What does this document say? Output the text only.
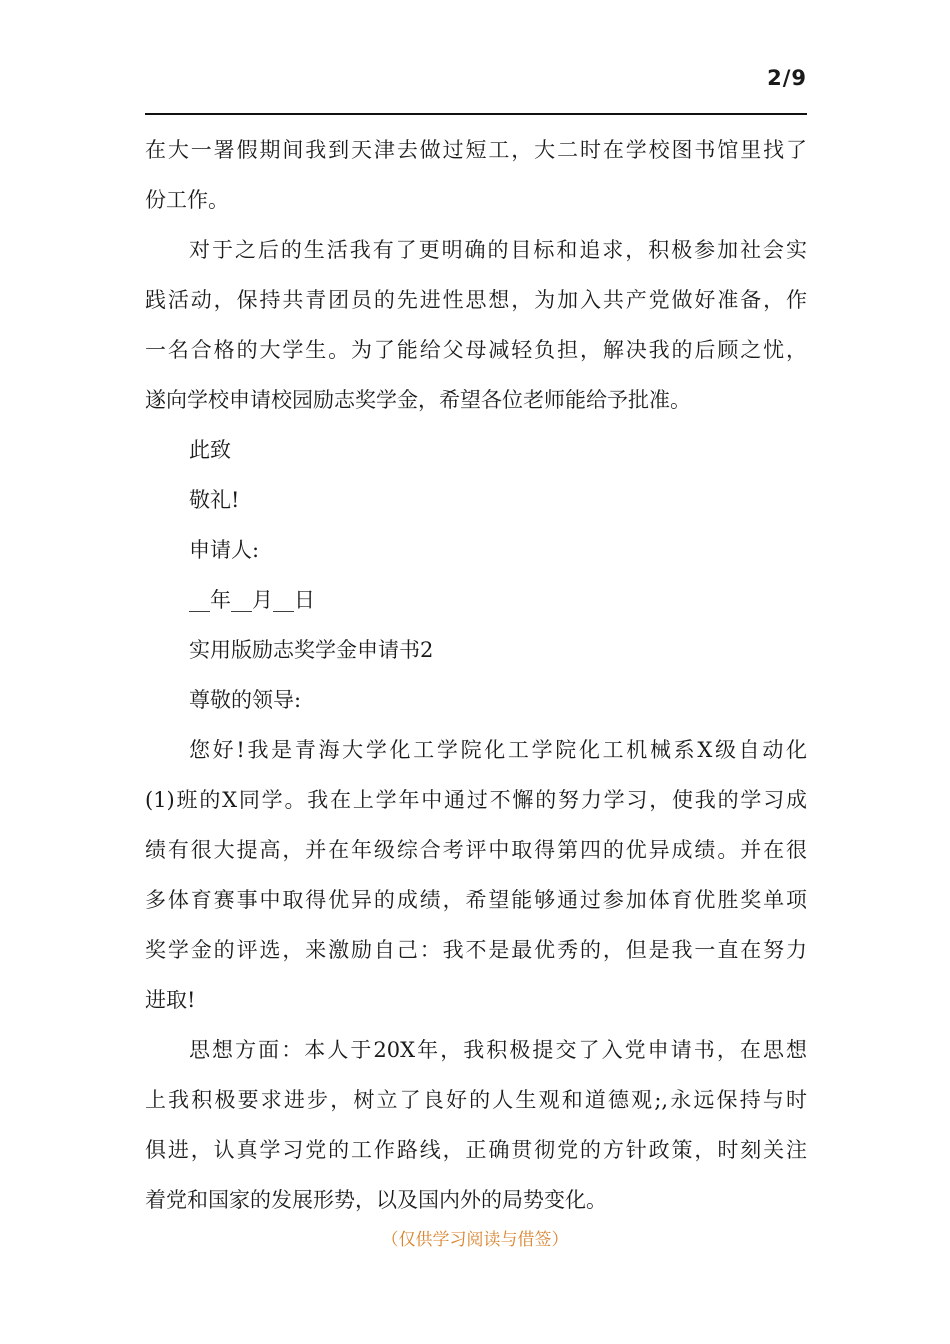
2/9
在大一署假期间我到天津去做过短工，大二时在学校图书馆里找了
份工作。
对于之后的生活我有了更明确的目标和追求，积极参加社会实
践活动，保持共青团员的先进性思想，为加入共产党做好准备，作
一名合格的大学生。为了能给父母减轻负担，解决我的后顾之忧，
遂向学校申请校园励志奖学金，希望各位老师能给予批准。
此致
敬礼!
申请人:
__年__月__日
实用版励志奖学金申请书2
尊敬的领导:
您好!我是青海大学化工学院化工学院化工机械系X级自动化
(1)班的X同学。我在上学年中通过不懈的努力学习，使我的学习成
绩有很大提高，并在年级综合考评中取得第四的优异成绩。并在很
多体育赛事中取得优异的成绩，希望能够通过参加体育优胜奖单项
奖学金的评选，来激励自己：我不是最优秀的，但是我一直在努力
进取!
思想方面：本人于20X年，我积极提交了入党申请书，在思想
上我积极要求进步，树立了良好的人生观和道德观;,永远保持与时
俱进，认真学习党的工作路线，正确贯彻党的方针政策，时刻关注
着党和国家的发展形势，以及国内外的局势变化。
（仅供学习阅读与借签）
